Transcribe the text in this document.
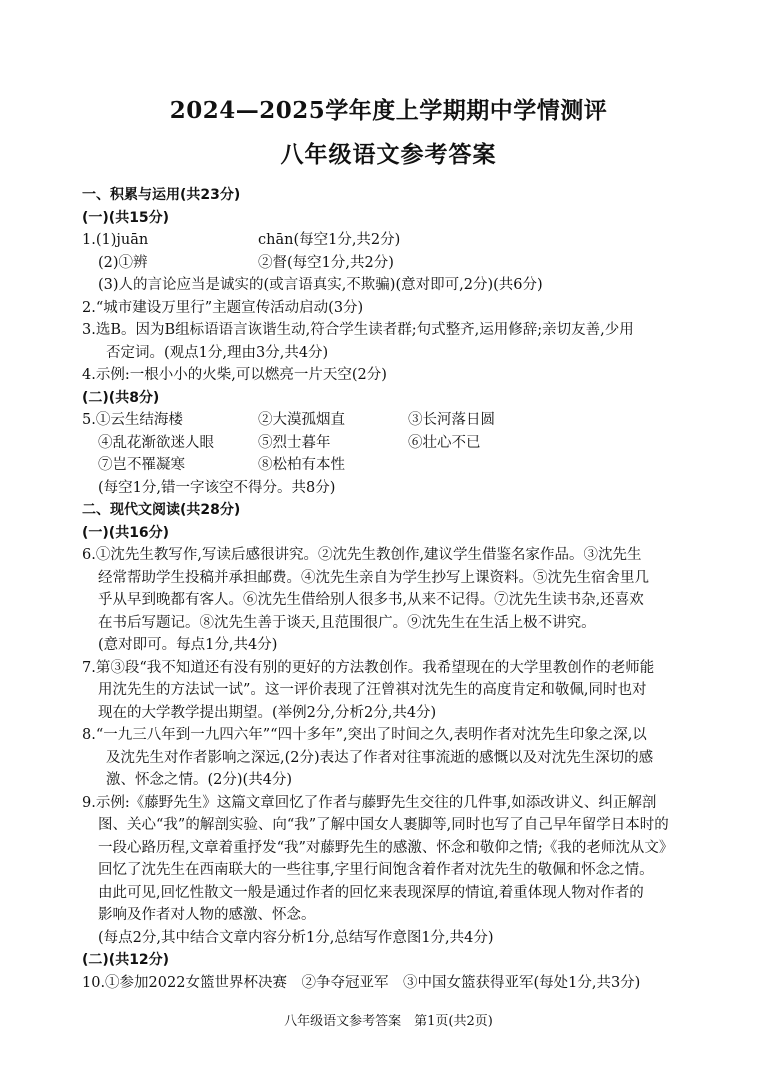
2024—2025学年度上学期期中学情测评
八年级语文参考答案
一、积累与运用(共23分)
(一)(共15分)
1.(1)juān	chān(每空1分,共2分)
(2)①辨	②督(每空1分,共2分)
(3)人的言论应当是诚实的(或言语真实,不欺骗)(意对即可,2分)(共6分)
2.“城市建设万里行”主题宣传活动启动(3分)
3.选B。因为B组标语语言诙谐生动,符合学生读者群;句式整齐,运用修辞;亲切友善,少用
否定词。(观点1分,理由3分,共4分)
4.示例:一根小小的火柴,可以燃亮一片天空(2分)
(二)(共8分)
5.①云生结海楼	②大漠孤烟直	③长河落日圆
④乱花渐欲迷人眼	⑤烈士暮年	⑥壮心不已
⑦岂不罹凝寒	⑧松柏有本性
(每空1分,错一字该空不得分。共8分)
二、现代文阅读(共28分)
(一)(共16分)
6.①沈先生教写作,写读后感很讲究。②沈先生教创作,建议学生借鉴名家作品。③沈先生
经常帮助学生投稿并承担邮费。④沈先生亲自为学生抄写上课资料。⑤沈先生宿舍里几
乎从早到晚都有客人。⑥沈先生借给别人很多书,从来不记得。⑦沈先生读书杂,还喜欢
在书后写题记。⑧沈先生善于谈天,且范围很广。⑨沈先生在生活上极不讲究。
(意对即可。每点1分,共4分)
7.第③段“我不知道还有没有别的更好的方法教创作。我希望现在的大学里教创作的老师能
用沈先生的方法试一试”。这一评价表现了汪曾祺对沈先生的高度肯定和敬佩,同时也对
现在的大学教学提出期望。(举例2分,分析2分,共4分)
8.“一九三八年到一九四六年”“四十多年”,突出了时间之久,表明作者对沈先生印象之深,以
及沈先生对作者影响之深远,(2分)表达了作者对往事流逝的感慨以及对沈先生深切的感
激、怀念之情。(2分)(共4分)
9.示例:《藤野先生》这篇文章回忆了作者与藤野先生交往的几件事,如添改讲义、纠正解剖
图、关心“我”的解剖实验、向“我”了解中国女人裹脚等,同时也写了自己早年留学日本时的
一段心路历程,文章着重抒发“我”对藤野先生的感激、怀念和敬仰之情;《我的老师沈从文》
回忆了沈先生在西南联大的一些往事,字里行间饱含着作者对沈先生的敬佩和怀念之情。
由此可见,回忆性散文一般是通过作者的回忆来表现深厚的情谊,着重体现人物对作者的
影响及作者对人物的感激、怀念。
(每点2分,其中结合文章内容分析1分,总结写作意图1分,共4分)
(二)(共12分)
10.①参加2022女篮世界杯决赛　②争夺冠亚军　③中国女篮获得亚军(每处1分,共3分)
八年级语文参考答案　第1页(共2页)
